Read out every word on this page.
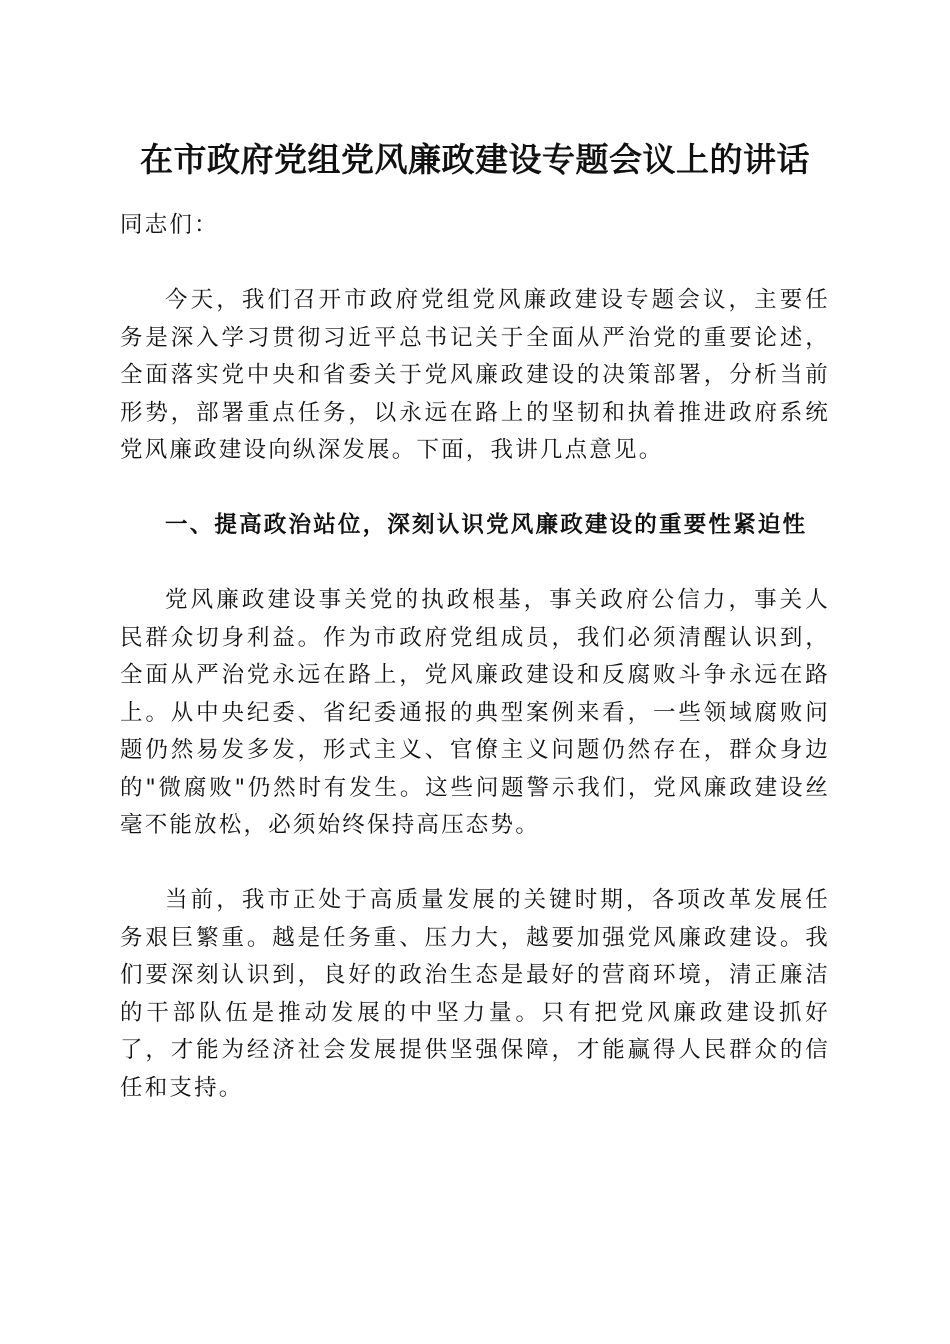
在市政府党组党风廉政建设专题会议上的讲话

同志们：

今天，我们召开市政府党组党风廉政建设专题会议，主要任务是深入学习贯彻习近平总书记关于全面从严治党的重要论述，全面落实党中央和省委关于党风廉政建设的决策部署，分析当前形势，部署重点任务，以永远在路上的坚韧和执着推进政府系统党风廉政建设向纵深发展。下面，我讲几点意见。

一、提高政治站位，深刻认识党风廉政建设的重要性紧迫性

党风廉政建设事关党的执政根基，事关政府公信力，事关人民群众切身利益。作为市政府党组成员，我们必须清醒认识到，全面从严治党永远在路上，党风廉政建设和反腐败斗争永远在路上。从中央纪委、省纪委通报的典型案例来看，一些领域腐败问题仍然易发多发，形式主义、官僚主义问题仍然存在，群众身边的"微腐败"仍然时有发生。这些问题警示我们，党风廉政建设丝毫不能放松，必须始终保持高压态势。

当前，我市正处于高质量发展的关键时期，各项改革发展任务艰巨繁重。越是任务重、压力大，越要加强党风廉政建设。我们要深刻认识到，良好的政治生态是最好的营商环境，清正廉洁的干部队伍是推动发展的中坚力量。只有把党风廉政建设抓好了，才能为经济社会发展提供坚强保障，才能赢得人民群众的信任和支持。
